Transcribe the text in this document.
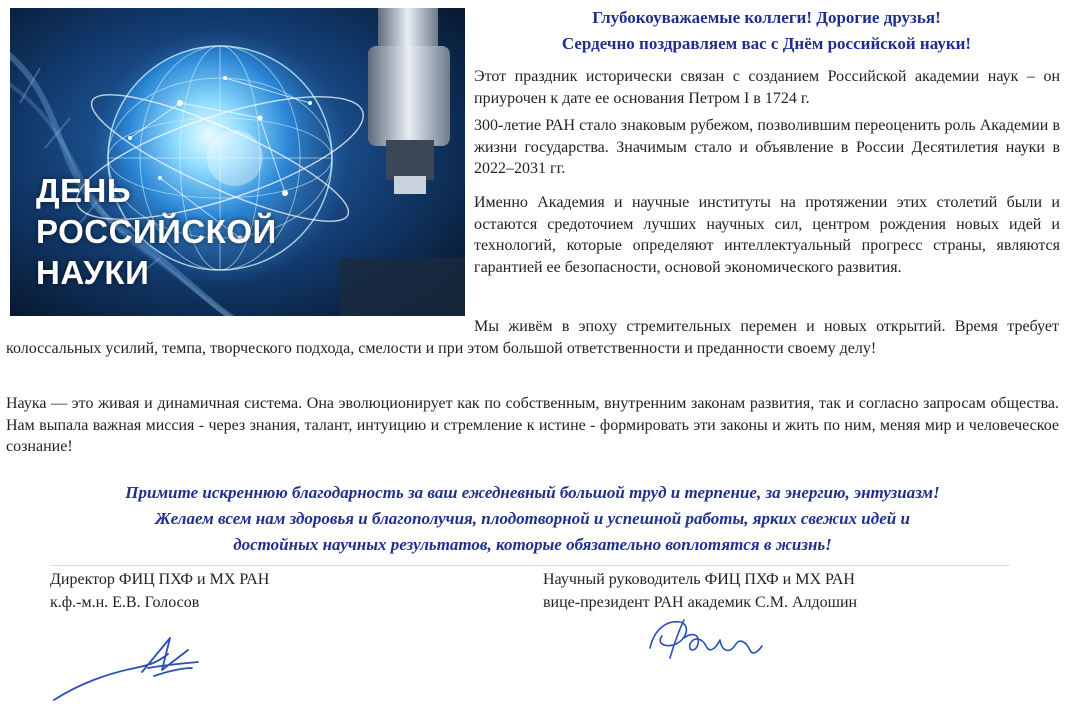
ДЕНЬ
РОССИЙСКОЙ
НАУКИ
Глубокоуважаемые коллеги! Дорогие друзья!
Сердечно поздравляем вас с Днём российской науки!
Этот праздник исторически связан с созданием Российской академии наук – он приурочен к дате ее основания Петром I в 1724 г.
300-летие РАН стало знаковым рубежом, позволившим переоценить роль Академии в жизни государства. Значимым стало и объявление в России Десятилетия науки в 2022–2031 гг.
Именно Академия и научные институты на протяжении этих столетий были и остаются средоточием лучших научных сил, центром рождения новых идей и технологий, которые определяют интеллектуальный прогресс страны, являются гарантией ее безопасности, основой экономического развития.
Мы живём в эпоху стремительных перемен и новых открытий. Время требует колоссальных усилий, темпа, творческого подхода, смелости и при этом большой ответственности и преданности своему делу!
Наука — это живая и динамичная система. Она эволюционирует как по собственным, внутренним законам развития, так и согласно запросам общества. Нам выпала важная миссия - через знания, талант, интуицию и стремление к истине - формировать эти законы и жить по ним, меняя мир и человеческое сознание!
Примите искреннюю благодарность за ваш ежедневный большой труд и терпение, за энергию, энтузиазм!
Желаем всем нам здоровья и благополучия, плодотворной и успешной работы, ярких свежих идей и
достойных научных результатов, которые обязательно воплотятся в жизнь!
Директор ФИЦ ПХФ и МХ РАН
к.ф.-м.н. Е.В. Голосов
Научный руководитель ФИЦ ПХФ и МХ РАН
вице-президент РАН академик С.М. Алдошин
